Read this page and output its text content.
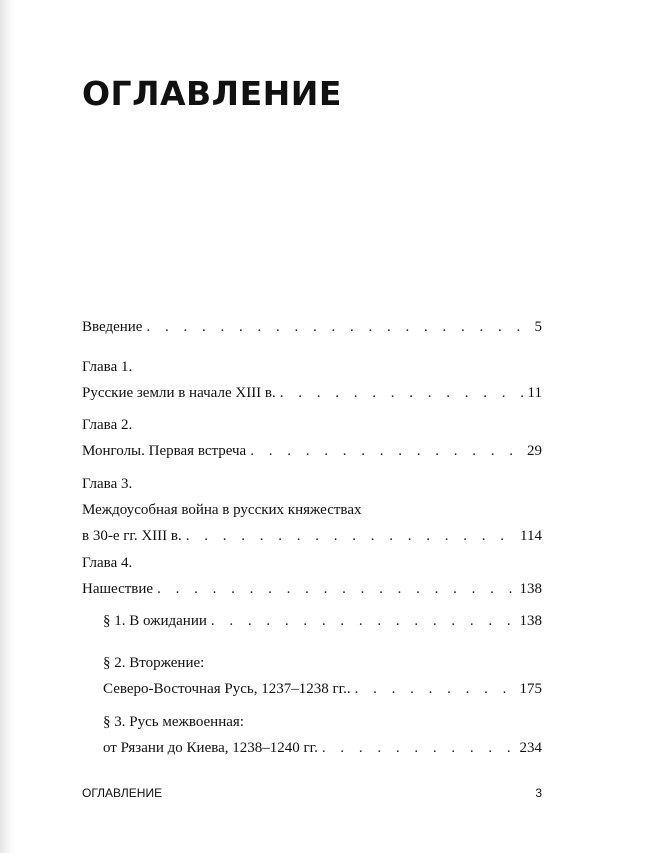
ОГЛАВЛЕНИЕ
Введение . . .	5
Глава 1.
Русские земли в начале XIII в. . . .	11
Глава 2.
Монголы. Первая встреча . . .	29
Глава 3.
Междоусобная война в русских княжествах
в 30-е гг. XIII в. . . .	114
Глава 4.
Нашествие . . .	138
§ 1. В ожидании . . .	138
§ 2. Вторжение:
Северо-Восточная Русь, 1237–1238 гг.. . . .	175
§ 3. Русь межвоенная:
от Рязани до Киева, 1238–1240 гг. . . .	234
ОГЛАВЛЕНИЕ	3
